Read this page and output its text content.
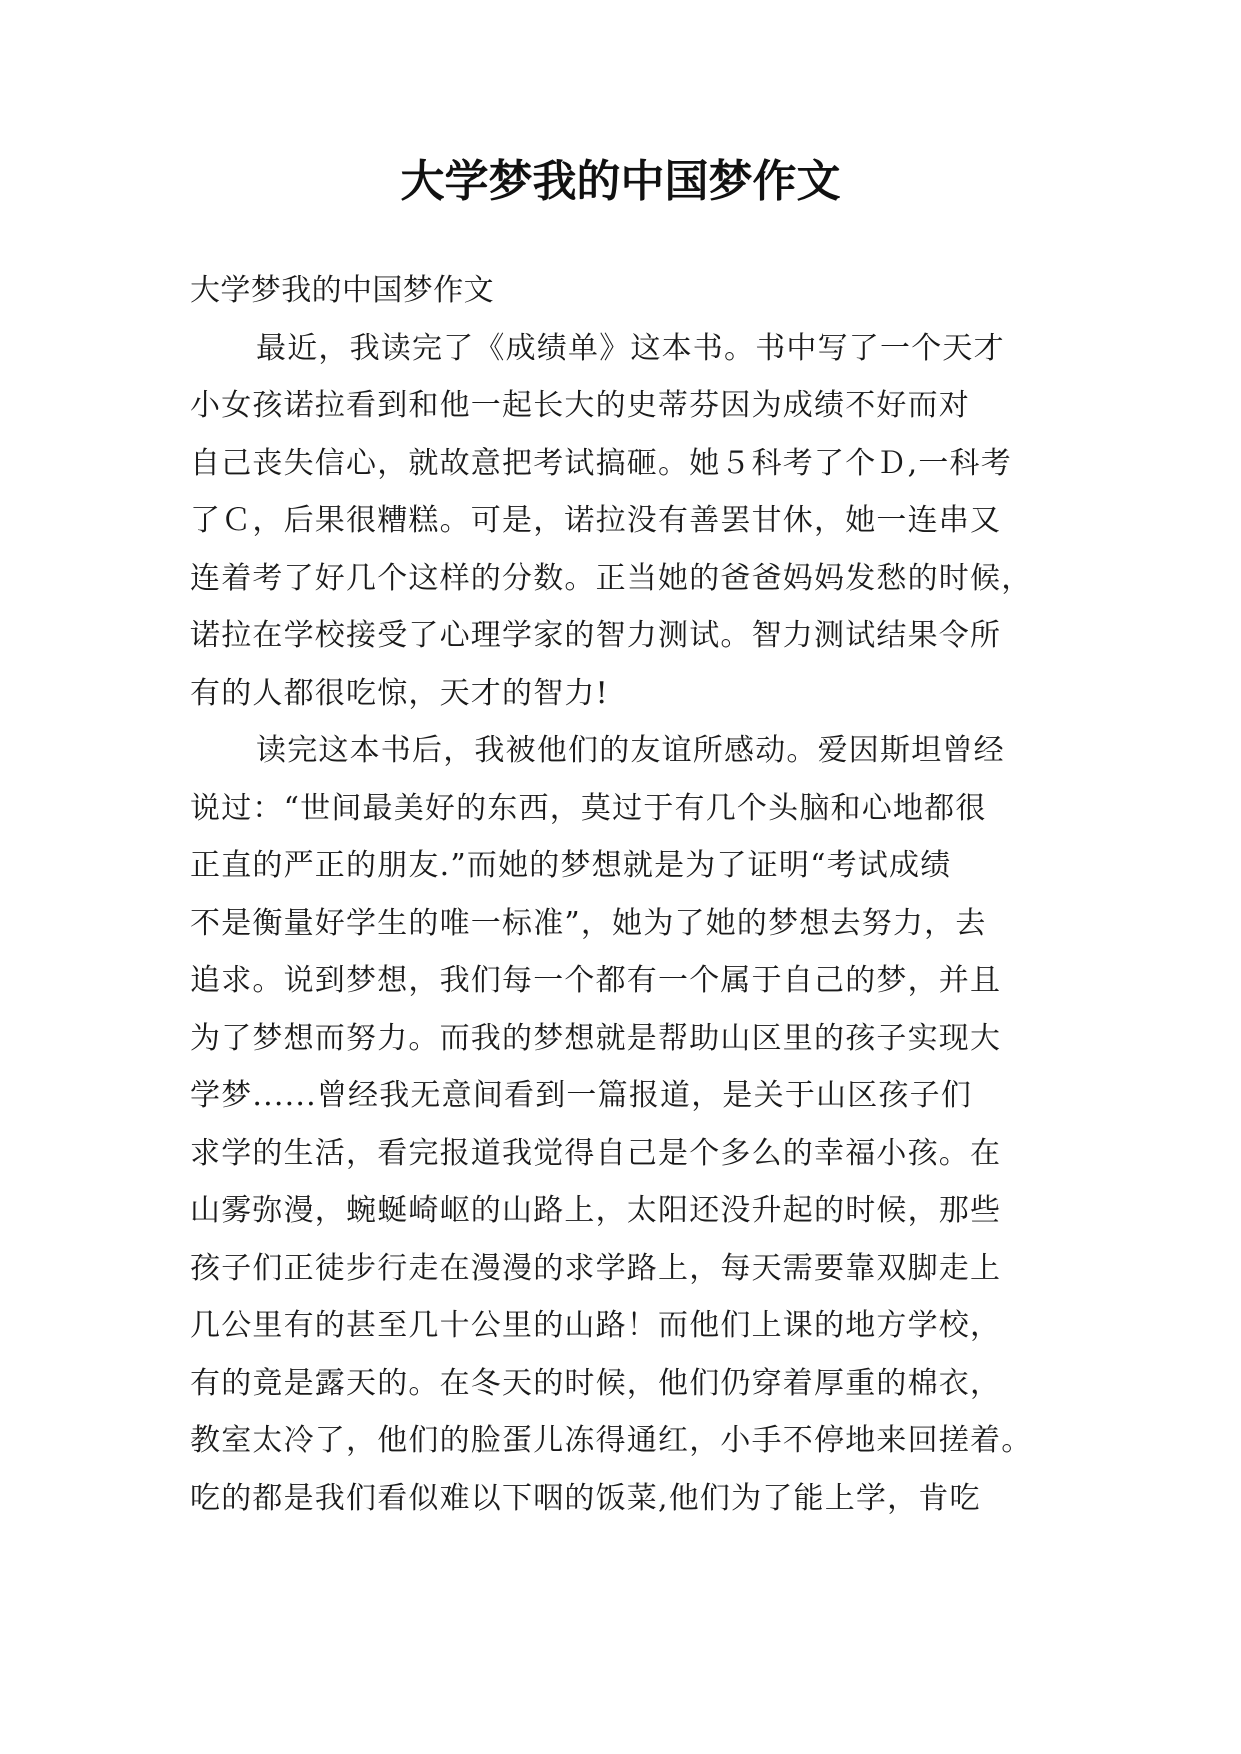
大学梦我的中国梦作文
大学梦我的中国梦作文
最近，我读完了《成绩单》这本书。书中写了一个天才
小女孩诺拉看到和他一起长大的史蒂芬因为成绩不好而对
自己丧失信心，就故意把考试搞砸。她５科考了个Ｄ,一科考
了Ｃ，后果很糟糕。可是，诺拉没有善罢甘休，她一连串又
连着考了好几个这样的分数。正当她的爸爸妈妈发愁的时候，
诺拉在学校接受了心理学家的智力测试。智力测试结果令所
有的人都很吃惊，天才的智力!
读完这本书后，我被他们的友谊所感动。爱因斯坦曾经
说过：“世间最美好的东西，莫过于有几个头脑和心地都很
正直的严正的朋友.”而她的梦想就是为了证明“考试成绩
不是衡量好学生的唯一标准”，她为了她的梦想去努力，去
追求。说到梦想，我们每一个都有一个属于自己的梦，并且
为了梦想而努力。而我的梦想就是帮助山区里的孩子实现大
学梦......曾经我无意间看到一篇报道，是关于山区孩子们
求学的生活，看完报道我觉得自己是个多么的幸福小孩。在
山雾弥漫，蜿蜒崎岖的山路上，太阳还没升起的时候，那些
孩子们正徒步行走在漫漫的求学路上，每天需要靠双脚走上
几公里有的甚至几十公里的山路！而他们上课的地方学校，
有的竟是露天的。在冬天的时候，他们仍穿着厚重的棉衣，
教室太冷了，他们的脸蛋儿冻得通红，小手不停地来回搓着。
吃的都是我们看似难以下咽的饭菜,他们为了能上学，肯吃
